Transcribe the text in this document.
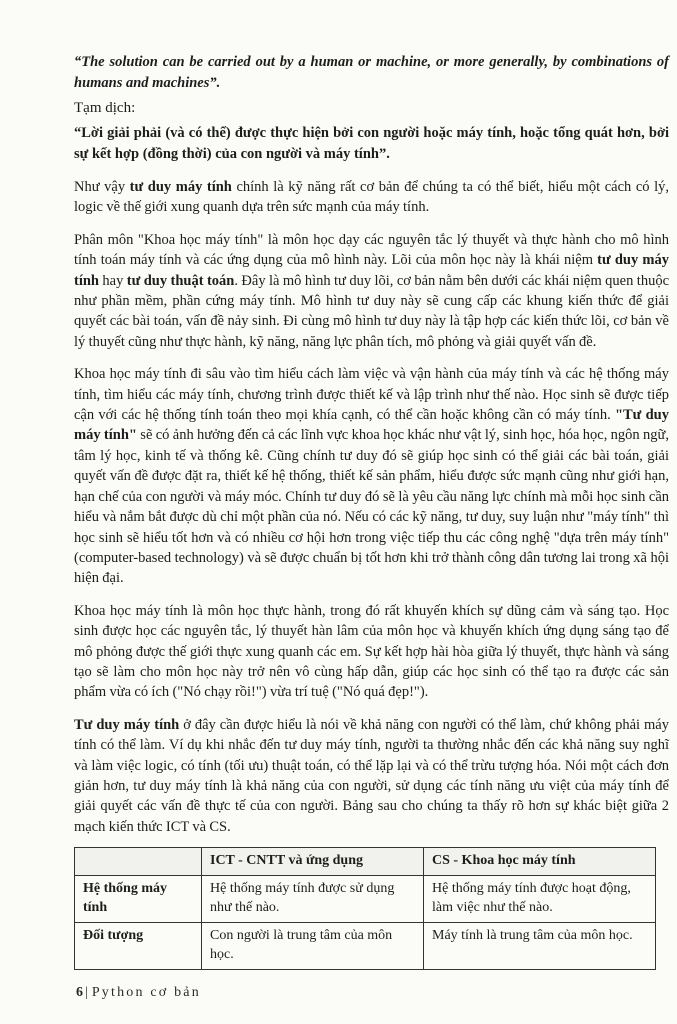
“The solution can be carried out by a human or machine, or more generally, by combinations of humans and machines”.

Tạm dịch:

“Lời giải phải (và có thể) được thực hiện bởi con người hoặc máy tính, hoặc tổng quát hơn, bởi sự kết hợp (đồng thời) của con người và máy tính”.

Như vậy tư duy máy tính chính là kỹ năng rất cơ bản để chúng ta có thể biết, hiểu một cách có lý, logic về thế giới xung quanh dựa trên sức mạnh của máy tính.

Phân môn "Khoa học máy tính" là môn học dạy các nguyên tắc lý thuyết và thực hành cho mô hình tính toán máy tính và các ứng dụng của mô hình này. Lõi của môn học này là khái niệm tư duy máy tính hay tư duy thuật toán. Đây là mô hình tư duy lõi, cơ bản nằm bên dưới các khái niệm quen thuộc như phần mềm, phần cứng máy tính. Mô hình tư duy này sẽ cung cấp các khung kiến thức để giải quyết các bài toán, vấn đề nảy sinh. Đi cùng mô hình tư duy này là tập hợp các kiến thức lõi, cơ bản về lý thuyết cũng như thực hành, kỹ năng, năng lực phân tích, mô phỏng và giải quyết vấn đề.

Khoa học máy tính đi sâu vào tìm hiểu cách làm việc và vận hành của máy tính và các hệ thống máy tính, tìm hiểu các máy tính, chương trình được thiết kế và lập trình như thế nào. Học sinh sẽ được tiếp cận với các hệ thống tính toán theo mọi khía cạnh, có thể cần hoặc không cần có máy tính. "Tư duy máy tính" sẽ có ảnh hưởng đến cả các lĩnh vực khoa học khác như vật lý, sinh học, hóa học, ngôn ngữ, tâm lý học, kinh tế và thống kê. Cũng chính tư duy đó sẽ giúp học sinh có thể giải các bài toán, giải quyết vấn đề được đặt ra, thiết kế hệ thống, thiết kế sản phẩm, hiểu được sức mạnh cũng như giới hạn, hạn chế của con người và máy móc. Chính tư duy đó sẽ là yêu cầu năng lực chính mà mỗi học sinh cần hiểu và nắm bắt được dù chỉ một phần của nó. Nếu có các kỹ năng, tư duy, suy luận như "máy tính" thì học sinh sẽ hiểu tốt hơn và có nhiều cơ hội hơn trong việc tiếp thu các công nghệ "dựa trên máy tính" (computer-based technology) và sẽ được chuẩn bị tốt hơn khi trở thành công dân tương lai trong xã hội hiện đại.

Khoa học máy tính là môn học thực hành, trong đó rất khuyến khích sự dũng cảm và sáng tạo. Học sinh được học các nguyên tắc, lý thuyết hàn lâm của môn học và khuyến khích ứng dụng sáng tạo để mô phỏng được thế giới thực xung quanh các em. Sự kết hợp hài hòa giữa lý thuyết, thực hành và sáng tạo sẽ làm cho môn học này trở nên vô cùng hấp dẫn, giúp các học sinh có thể tạo ra được các sản phẩm vừa có ích ("Nó chạy rồi!") vừa trí tuệ ("Nó quá đẹp!").

Tư duy máy tính ở đây cần được hiểu là nói về khả năng con người có thể làm, chứ không phải máy tính có thể làm. Ví dụ khi nhắc đến tư duy máy tính, người ta thường nhắc đến các khả năng suy nghĩ và làm việc logic, có tính (tối ưu) thuật toán, có thể lặp lại và có thể trừu tượng hóa. Nói một cách đơn giản hơn, tư duy máy tính là khả năng của con người, sử dụng các tính năng ưu việt của máy tính để giải quyết các vấn đề thực tế của con người. Bảng sau cho chúng ta thấy rõ hơn sự khác biệt giữa 2 mạch kiến thức ICT và CS.

	ICT - CNTT và ứng dụng	CS - Khoa học máy tính
Hệ thống máy tính	Hệ thống máy tính được sử dụng như thế nào.	Hệ thống máy tính được hoạt động, làm việc như thế nào.
Đối tượng	Con người là trung tâm của môn học.	Máy tính là trung tâm của môn học.
6 | Python cơ bản
